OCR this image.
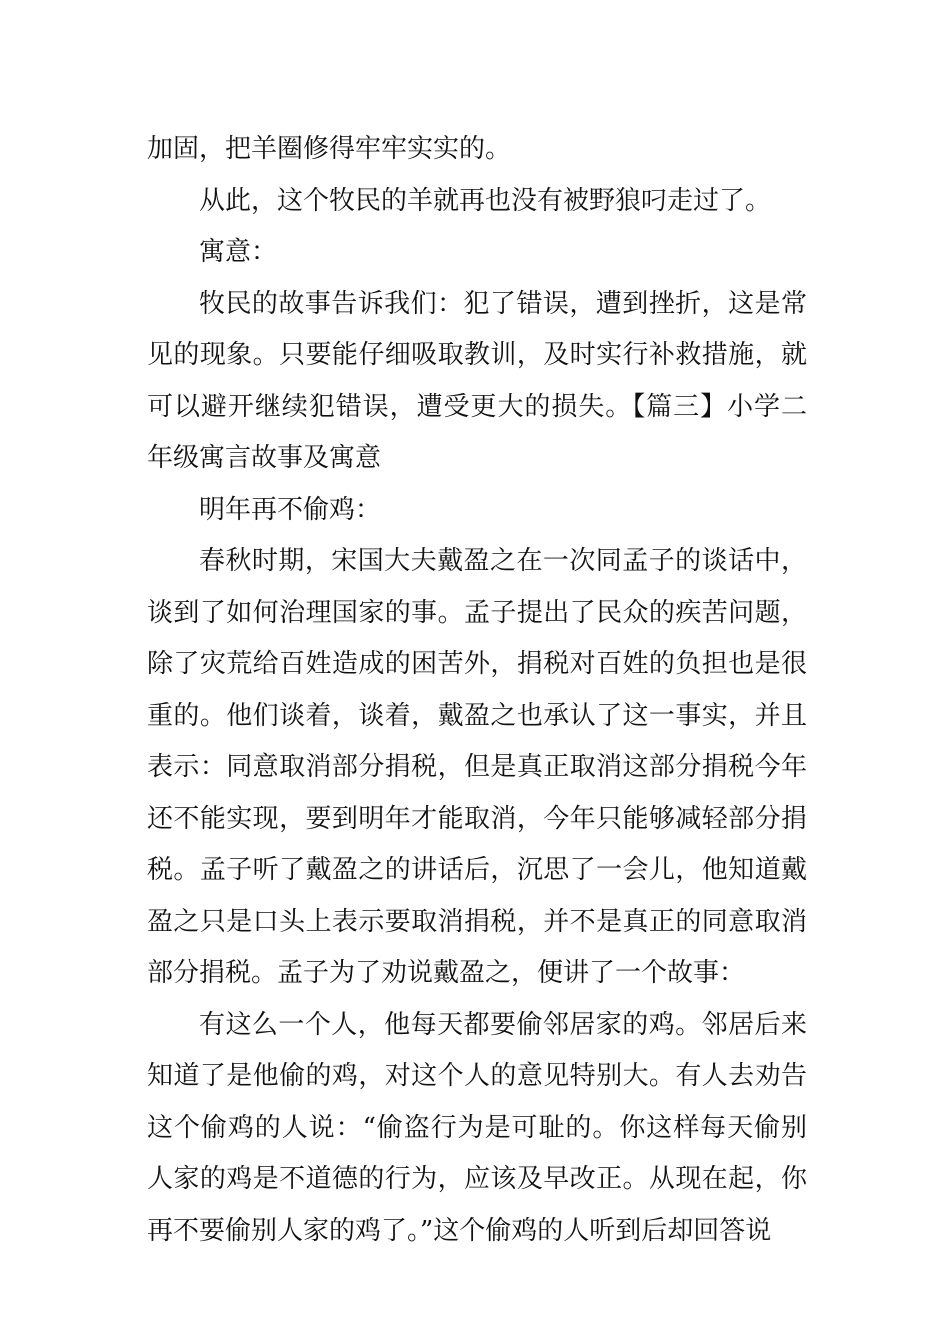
加固，把羊圈修得牢牢实实的。

从此，这个牧民的羊就再也没有被野狼叼走过了。

寓意：

牧民的故事告诉我们：犯了错误，遭到挫折，这是常见的现象。只要能仔细吸取教训，及时实行补救措施，就可以避开继续犯错误，遭受更大的损失。【篇三】小学二年级寓言故事及寓意

明年再不偷鸡：

春秋时期，宋国大夫戴盈之在一次同孟子的谈话中，谈到了如何治理国家的事。孟子提出了民众的疾苦问题，除了灾荒给百姓造成的困苦外，捐税对百姓的负担也是很重的。他们谈着，谈着，戴盈之也承认了这一事实，并且表示：同意取消部分捐税，但是真正取消这部分捐税今年还不能实现，要到明年才能取消，今年只能够减轻部分捐税。孟子听了戴盈之的讲话后，沉思了一会儿，他知道戴盈之只是口头上表示要取消捐税，并不是真正的同意取消部分捐税。孟子为了劝说戴盈之，便讲了一个故事：

有这么一个人，他每天都要偷邻居家的鸡。邻居后来知道了是他偷的鸡，对这个人的意见特别大。有人去劝告这个偷鸡的人说：“偷盗行为是可耻的。你这样每天偷别人家的鸡是不道德的行为，应该及早改正。从现在起，你再不要偷别人家的鸡了。”这个偷鸡的人听到后却回答说
